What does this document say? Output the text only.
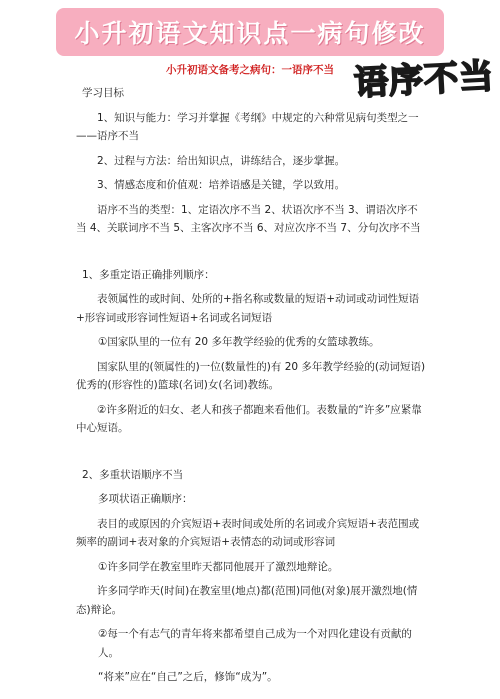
小升初语文知识点一病句修改
小升初语文备考之病句：一语序不当 语序不当

学习目标

1、知识与能力：学习并掌握《考纲》中规定的六种常见病句类型之一——语序不当

2、过程与方法：给出知识点，讲练结合，逐步掌握。

3、情感态度和价值观：培养语感是关键，学以致用。

语序不当的类型：1、定语次序不当 2、状语次序不当 3、谓语次序不当 4、关联词序不当 5、主客次序不当 6、对应次序不当 7、分句次序不当

1、多重定语正确排列顺序：

表领属性的或时间、处所的+指名称或数量的短语+动词或动词性短语+形容词或形容词性短语+名词或名词短语

①国家队里的一位有 20 多年教学经验的优秀的女篮球教练。

国家队里的(领属性的)一位(数量性的)有 20 多年教学经验的(动词短语)优秀的(形容性的)篮球(名词)女(名词)教练。

②许多附近的妇女、老人和孩子都跑来看他们。表数量的“许多”应紧靠中心短语。

2、多重状语顺序不当

多项状语正确顺序：

表目的或原因的介宾短语+表时间或处所的名词或介宾短语+表范围或频率的副词+表对象的介宾短语+表情态的动词或形容词

①许多同学在教室里昨天都同他展开了激烈地辩论。

许多同学昨天(时间)在教室里(地点)都(范围)同他(对象)展开激烈地(情态)辩论。

②每一个有志气的青年将来都希望自己成为一个对四化建设有贡献的人。

“将来”应在“自己”之后，修饰“成为”。
